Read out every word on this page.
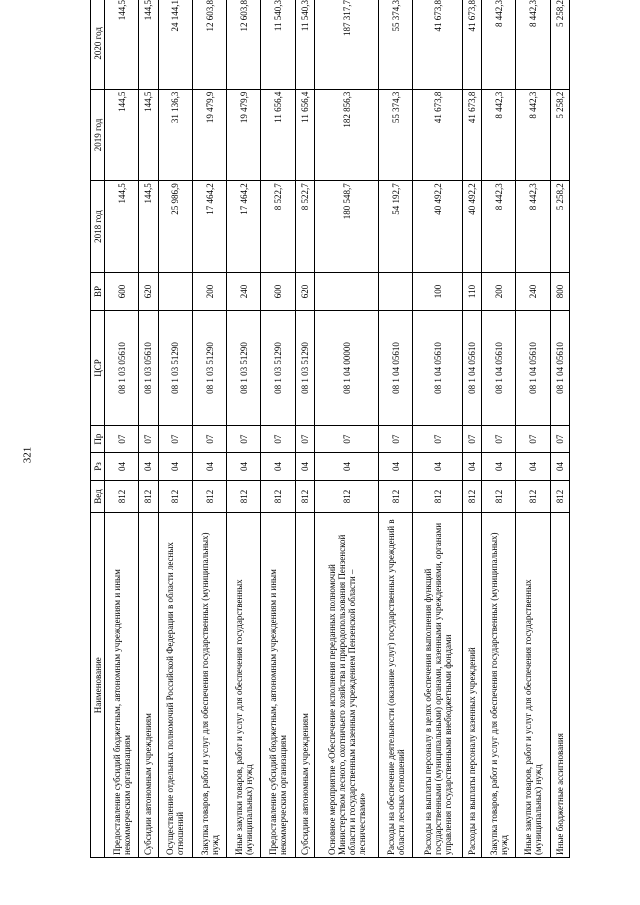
321
Наименование	Вед	Рз	Пр	ЦСР	ВР	2018 год	2019 год	2020 год
Предоставление субсидий бюджетным, автономным учреждениям и иным некоммерческим организациям	812	04	07	08 1 03 05610	600	144,5	144,5	144,5
Субсидии автономным учреждениям	812	04	07	08 1 03 05610	620	144,5	144,5	144,5
Осуществление отдельных полномочий Российской Федерации в области лесных отношений	812	04	07	08 1 03 51290		25 986,9	31 136,3	24 144,1
Закупка товаров, работ и услуг для обеспечения государственных (муниципальных) нужд	812	04	07	08 1 03 51290	200	17 464,2	19 479,9	12 603,8
Иные закупки товаров, работ и услуг для обеспечения государственных (муниципальных) нужд	812	04	07	08 1 03 51290	240	17 464,2	19 479,9	12 603,8
Предоставление субсидий бюджетным, автономным учреждениям и иным некоммерческим организациям	812	04	07	08 1 03 51290	600	8 522,7	11 656,4	11 540,3
Субсидии автономным учреждениям	812	04	07	08 1 03 51290	620	8 522,7	11 656,4	11 540,3
Основное мероприятие «Обеспечение исполнения переданных полномочий Министерством лесного, охотничьего хозяйства и природопользования Пензенской области и государственным казенным учреждением Пензенской области – лесничествами»	812	04	07	08 1 04 00000		180 548,7	182 856,3	187 317,7
Расходы на обеспечение деятельности (оказание услуг) государственных учреждений в области лесных отношений	812	04	07	08 1 04 05610		54 192,7	55 374,3	55 374,3
Расходы на выплаты персоналу в целях обеспечения выполнения функций государственными (муниципальными) органами, казенными учреждениями, органами управления государственными внебюджетными фондами	812	04	07	08 1 04 05610	100	40 492,2	41 673,8	41 673,8
Расходы на выплаты персоналу казенных учреждений	812	04	07	08 1 04 05610	110	40 492,2	41 673,8	41 673,8
Закупка товаров, работ и услуг для обеспечения государственных (муниципальных) нужд	812	04	07	08 1 04 05610	200	8 442,3	8 442,3	8 442,3
Иные закупки товаров, работ и услуг для обеспечения государственных (муниципальных) нужд	812	04	07	08 1 04 05610	240	8 442,3	8 442,3	8 442,3
Иные бюджетные ассигнования	812	04	07	08 1 04 05610	800	5 258,2	5 258,2	5 258,2
